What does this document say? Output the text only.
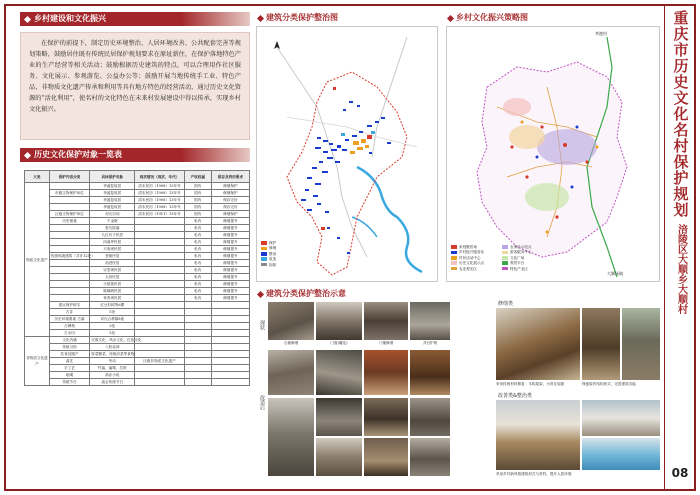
乡村建设和文化振兴
在保护的前提下，制定历史环境整治、人居环境改善、公共配套完善等规划策略，鼓励居住既有传统民居保护规划要求在原址新住，在保护落地特色产业的生产经营等相关活动；鼓励根据历史建筑的特点，可以合理用作社区服务、文化展示、参观游览、公益办公等；鼓励开展当地传统手工业、特色产品、非物质文化遗产传承和利用等具有地方特色的经营活动，通过历史文化资源的“活化利用”，使名村的文化特色在未来村发展建设中得以传承，实现乡村文化振兴。
历史文化保护对象一览表
大类	保护内容分类	具体保护对象	现状情况（现状、年代）	产权权属	保存及利用要求
物质文化遗产		李渡复故居	清末民初（1908）13年号	国有	修缮保护
	市级文物保护单位	李渡复故居	清末民初（1908）13年号	国有	修缮保护
		李渡复故居	清末民初（1908）13年号	国有	保存完好
		李渡复故居	清末民初（1908）13年号	国有	保存完好
	区级文物保护单位	邓氏宗祠	清末民初（1911）13年号	国有	修缮保护
	历史街巷	千金街		私有	修缮提升
		张氏院落		私有	修缮提升
		九红坊子民居		私有	修缮提升
		四道坪民居		私有	修缮提升
		天府坝民居		私有	修缮提升
	传统风貌建筑（共计12处）	老街民居		私有	修缮提升
		前进民居		私有	修缮提升
		宗堂坝民居		私有	修缮提升
		大田民居		私有	修缮提升
		小屋基民居		私有	修缮提升
		陈桶坡民居		私有	修缮提升
		草苔坝民居		私有	修缮提升
	建议保护树木	红豆杉树等6棵			
	古井	5处			
	历史环境要素 古墓	邓氏合葬墓8座			
	古碑刻	3处			
	古水田	5处			
非物质文化遗产	文化内涵	宗族文化、风水文化、红色文化			
	传统习俗	八枚烧神			
	饮食及服产	厚菜酱菜、传统凉菜等食物			
	曲艺	劳动	区级非物质文化遗产		
	手工艺	竹编、编篾、打铁			
	吆喝	高亦小说			
	传统节日	庙会传统节日			
建筑分类保护整治图
保护
修缮
整治
改造
拆除
乡村文化振兴策略图
李渡村
大顺场镇
家庭聚居场	农家乐示范点
乡村振兴服务站	游客服务中心
村民活动中心	文化广场
历史文化展示点	观景平台
农业观光区	特色产业区
建筑分类保护整治示意
现状
改造后
石墙修缮	门楼修缮
门窗(雕花)	井台护坡
修缮类
采用传统材料修复：木构屋架、小青瓦屋面	保留原有结构形式，完善建筑功能
改善类&整治类
采用乡村新风格建筑形式与材料，提升人居环境
重庆市历史文化名村保护规划
涪陵区大顺乡大顺村
08
